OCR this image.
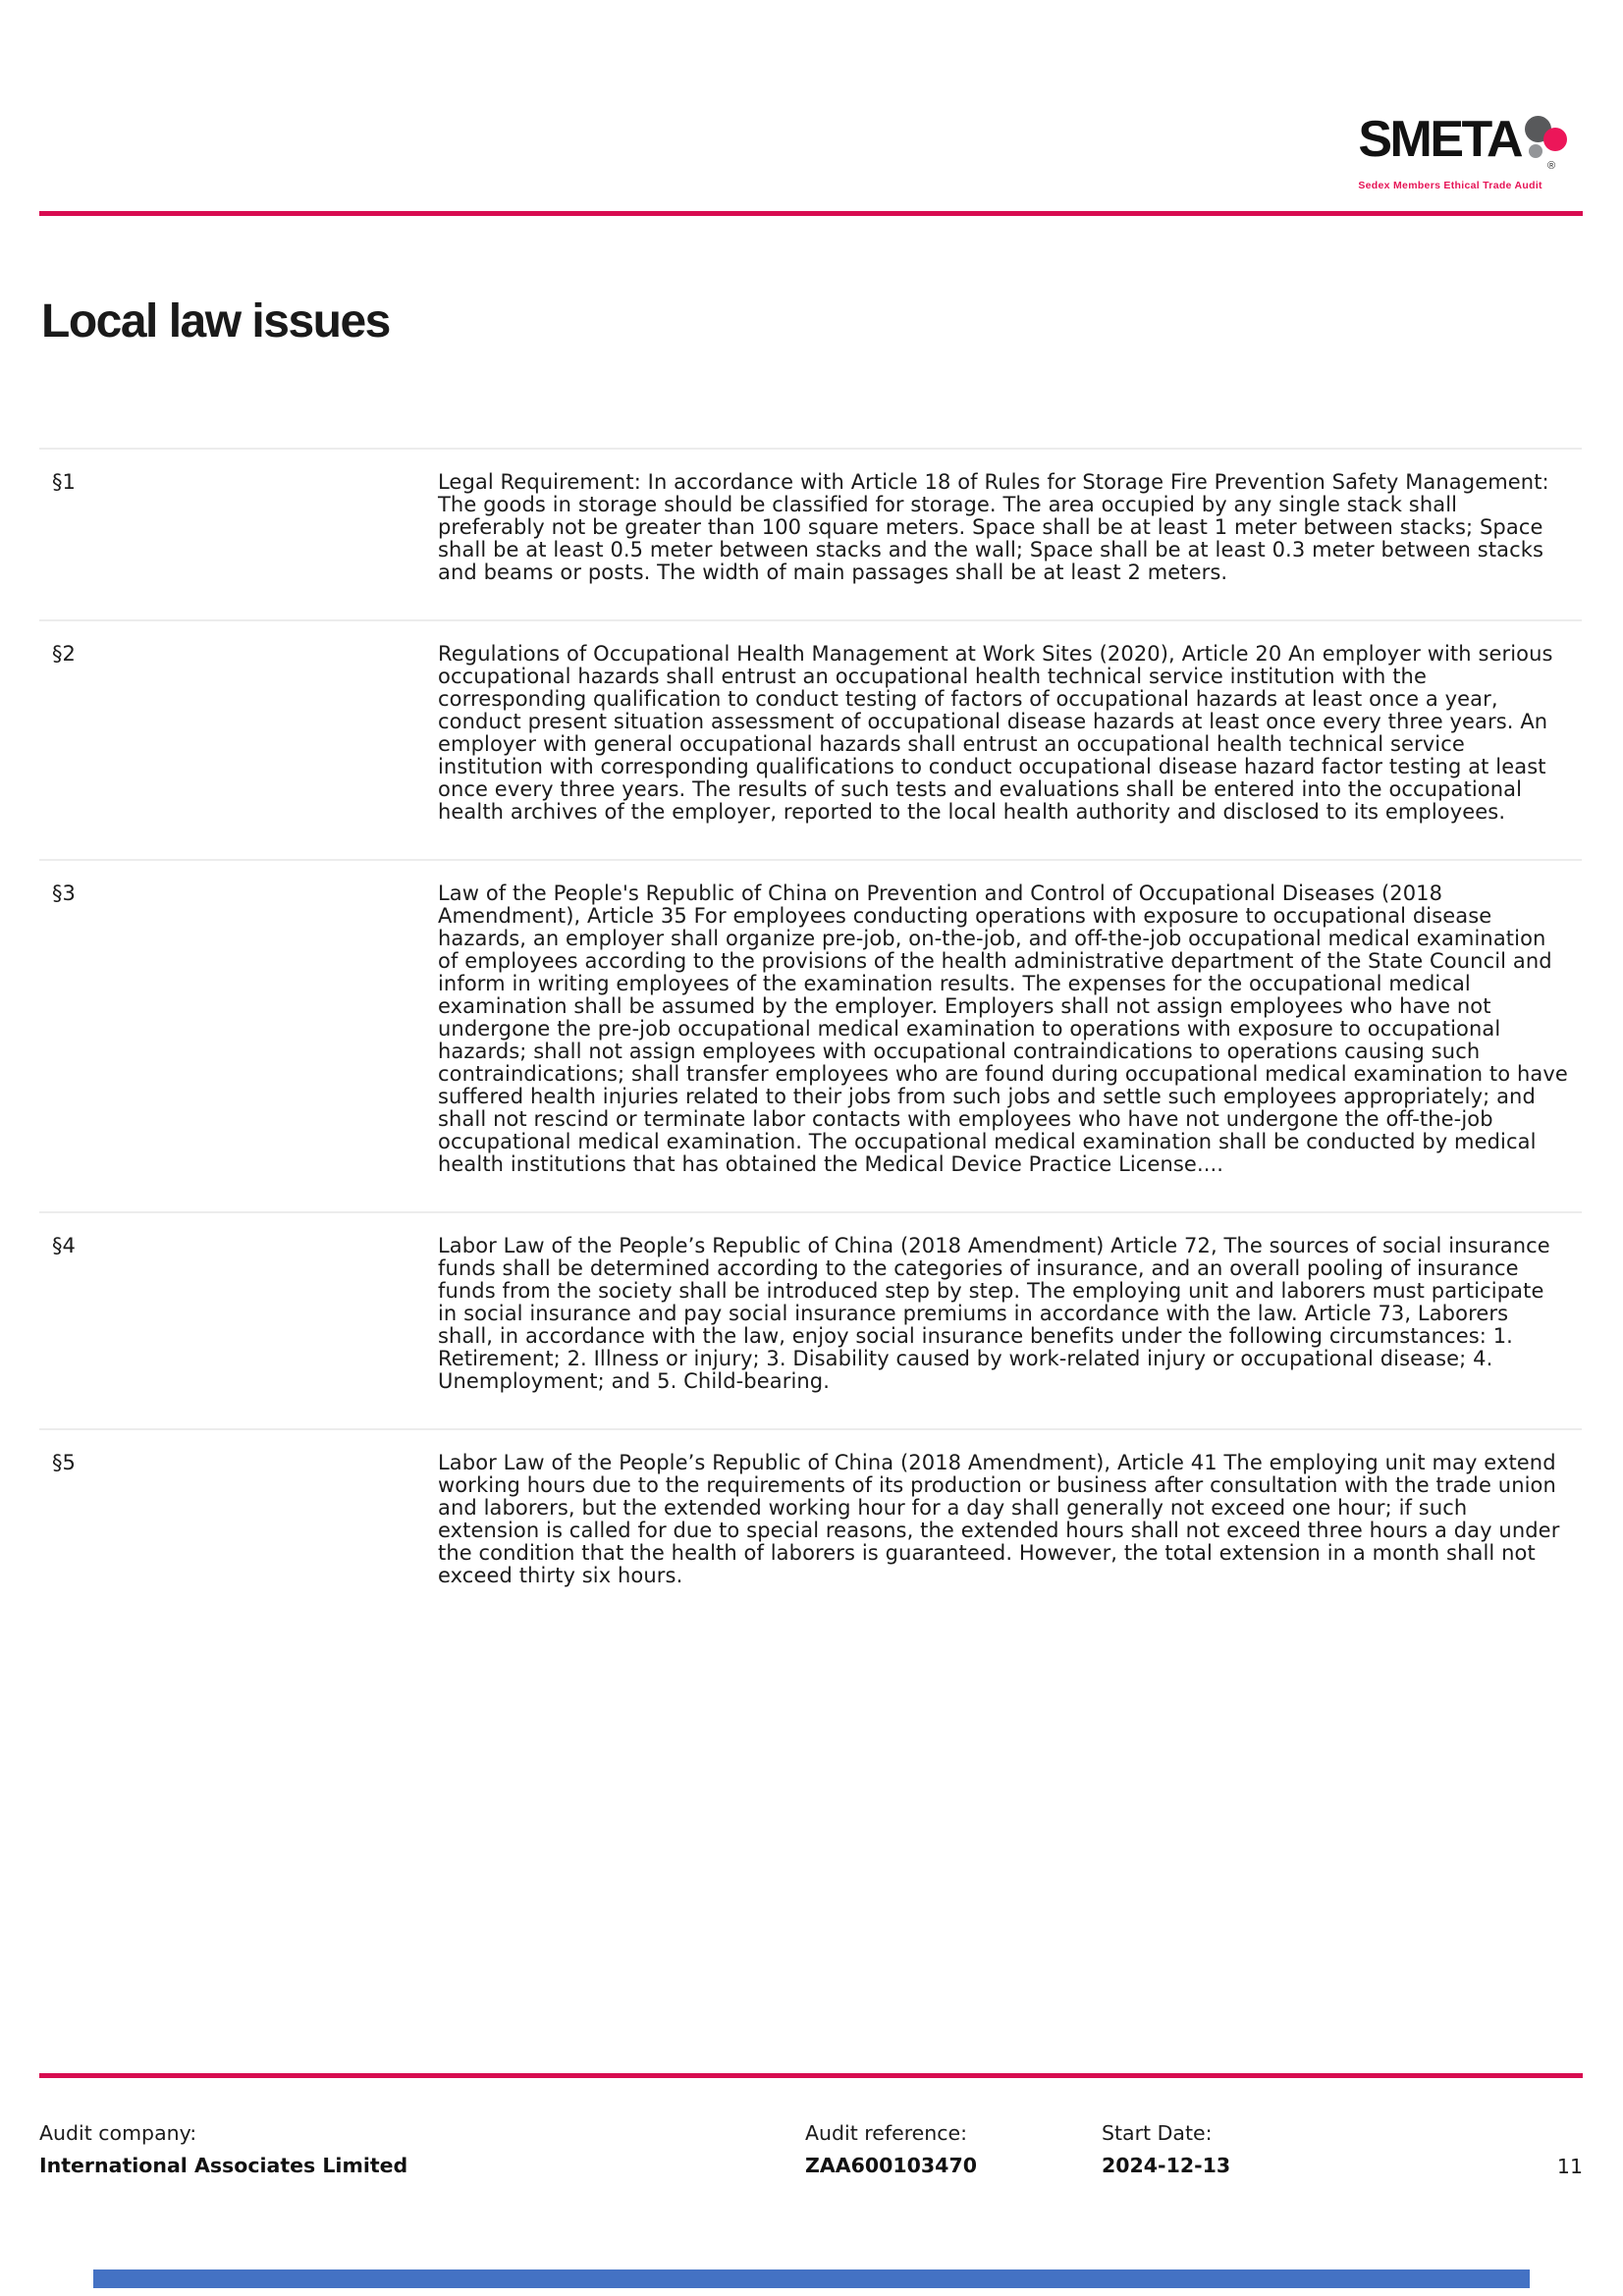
SMETA ®
Sedex Members Ethical Trade Audit
Local law issues
§1	Legal Requirement: In accordance with Article 18 of Rules for Storage Fire Prevention Safety Management: The goods in storage should be classified for storage. The area occupied by any single stack shall preferably not be greater than 100 square meters. Space shall be at least 1 meter between stacks; Space shall be at least 0.5 meter between stacks and the wall; Space shall be at least 0.3 meter between stacks and beams or posts. The width of main passages shall be at least 2 meters.
§2	Regulations of Occupational Health Management at Work Sites (2020), Article 20 An employer with serious occupational hazards shall entrust an occupational health technical service institution with the corresponding qualification to conduct testing of factors of occupational hazards at least once a year, conduct present situation assessment of occupational disease hazards at least once every three years. An employer with general occupational hazards shall entrust an occupational health technical service institution with corresponding qualifications to conduct occupational disease hazard factor testing at least once every three years. The results of such tests and evaluations shall be entered into the occupational health archives of the employer, reported to the local health authority and disclosed to its employees.
§3	Law of the People's Republic of China on Prevention and Control of Occupational Diseases (2018 Amendment), Article 35 For employees conducting operations with exposure to occupational disease hazards, an employer shall organize pre-job, on-the-job, and off-the-job occupational medical examination of employees according to the provisions of the health administrative department of the State Council and inform in writing employees of the examination results. The expenses for the occupational medical examination shall be assumed by the employer. Employers shall not assign employees who have not undergone the pre-job occupational medical examination to operations with exposure to occupational hazards; shall not assign employees with occupational contraindications to operations causing such contraindications; shall transfer employees who are found during occupational medical examination to have suffered health injuries related to their jobs from such jobs and settle such employees appropriately; and shall not rescind or terminate labor contacts with employees who have not undergone the off-the-job occupational medical examination. The occupational medical examination shall be conducted by medical health institutions that has obtained the Medical Device Practice License....
§4	Labor Law of the People’s Republic of China (2018 Amendment) Article 72, The sources of social insurance funds shall be determined according to the categories of insurance, and an overall pooling of insurance funds from the society shall be introduced step by step. The employing unit and laborers must participate in social insurance and pay social insurance premiums in accordance with the law. Article 73, Laborers shall, in accordance with the law, enjoy social insurance benefits under the following circumstances: 1. Retirement; 2. Illness or injury; 3. Disability caused by work-related injury or occupational disease; 4. Unemployment; and 5. Child-bearing.
§5	Labor Law of the People’s Republic of China (2018 Amendment), Article 41 The employing unit may extend working hours due to the requirements of its production or business after consultation with the trade union and laborers, but the extended working hour for a day shall generally not exceed one hour; if such extension is called for due to special reasons, the extended hours shall not exceed three hours a day under the condition that the health of laborers is guaranteed. However, the total extension in a month shall not exceed thirty six hours.
Audit company:
International Associates Limited
Audit reference:
ZAA600103470
Start Date:
2024-12-13	11
